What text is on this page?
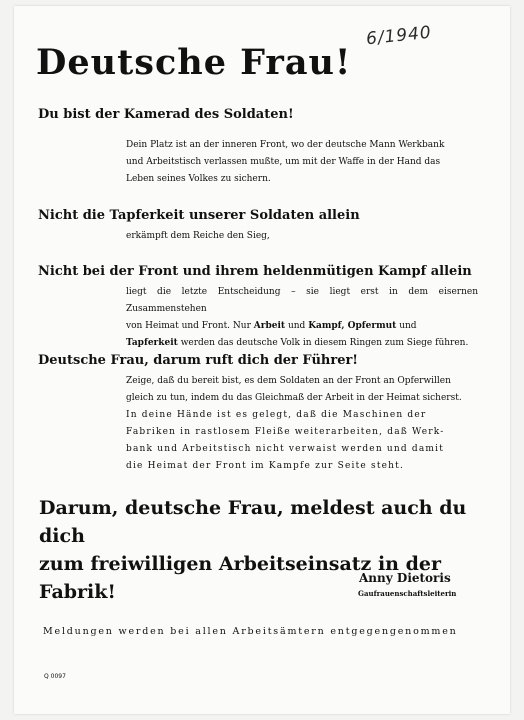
6/1940
Deutsche Frau!
Du bist der Kamerad des Soldaten!
Dein Platz ist an der inneren Front, wo der deutsche Mann Werkbank
und Arbeitstisch verlassen mußte, um mit der Waffe in der Hand das
Leben seines Volkes zu sichern.
Nicht die Tapferkeit unserer Soldaten allein
erkämpft dem Reiche den Sieg,
Nicht bei der Front und ihrem heldenmütigen Kampf allein
liegt die letzte Entscheidung – sie liegt erst in dem eisernen Zusammenstehen
von Heimat und Front. Nur Arbeit und Kampf, Opfermut und
Tapferkeit werden das deutsche Volk in diesem Ringen zum Siege führen.
Deutsche Frau, darum ruft dich der Führer!
Zeige, daß du bereit bist, es dem Soldaten an der Front an Opferwillen
gleich zu tun, indem du das Gleichmaß der Arbeit in der Heimat sicherst.
In deine Hände ist es gelegt, daß die Maschinen der
Fabriken in rastlosem Fleiße weiterarbeiten, daß Werk-
bank und Arbeitstisch nicht verwaist werden und damit
die Heimat der Front im Kampfe zur Seite steht.
Darum, deutsche Frau, meldest auch du dich
zum freiwilligen Arbeitseinsatz in der Fabrik!
Anny Dietoris
Gaufrauenschaftsleiterin
Meldungen werden bei allen Arbeitsämtern entgegengenommen
Q 0097
